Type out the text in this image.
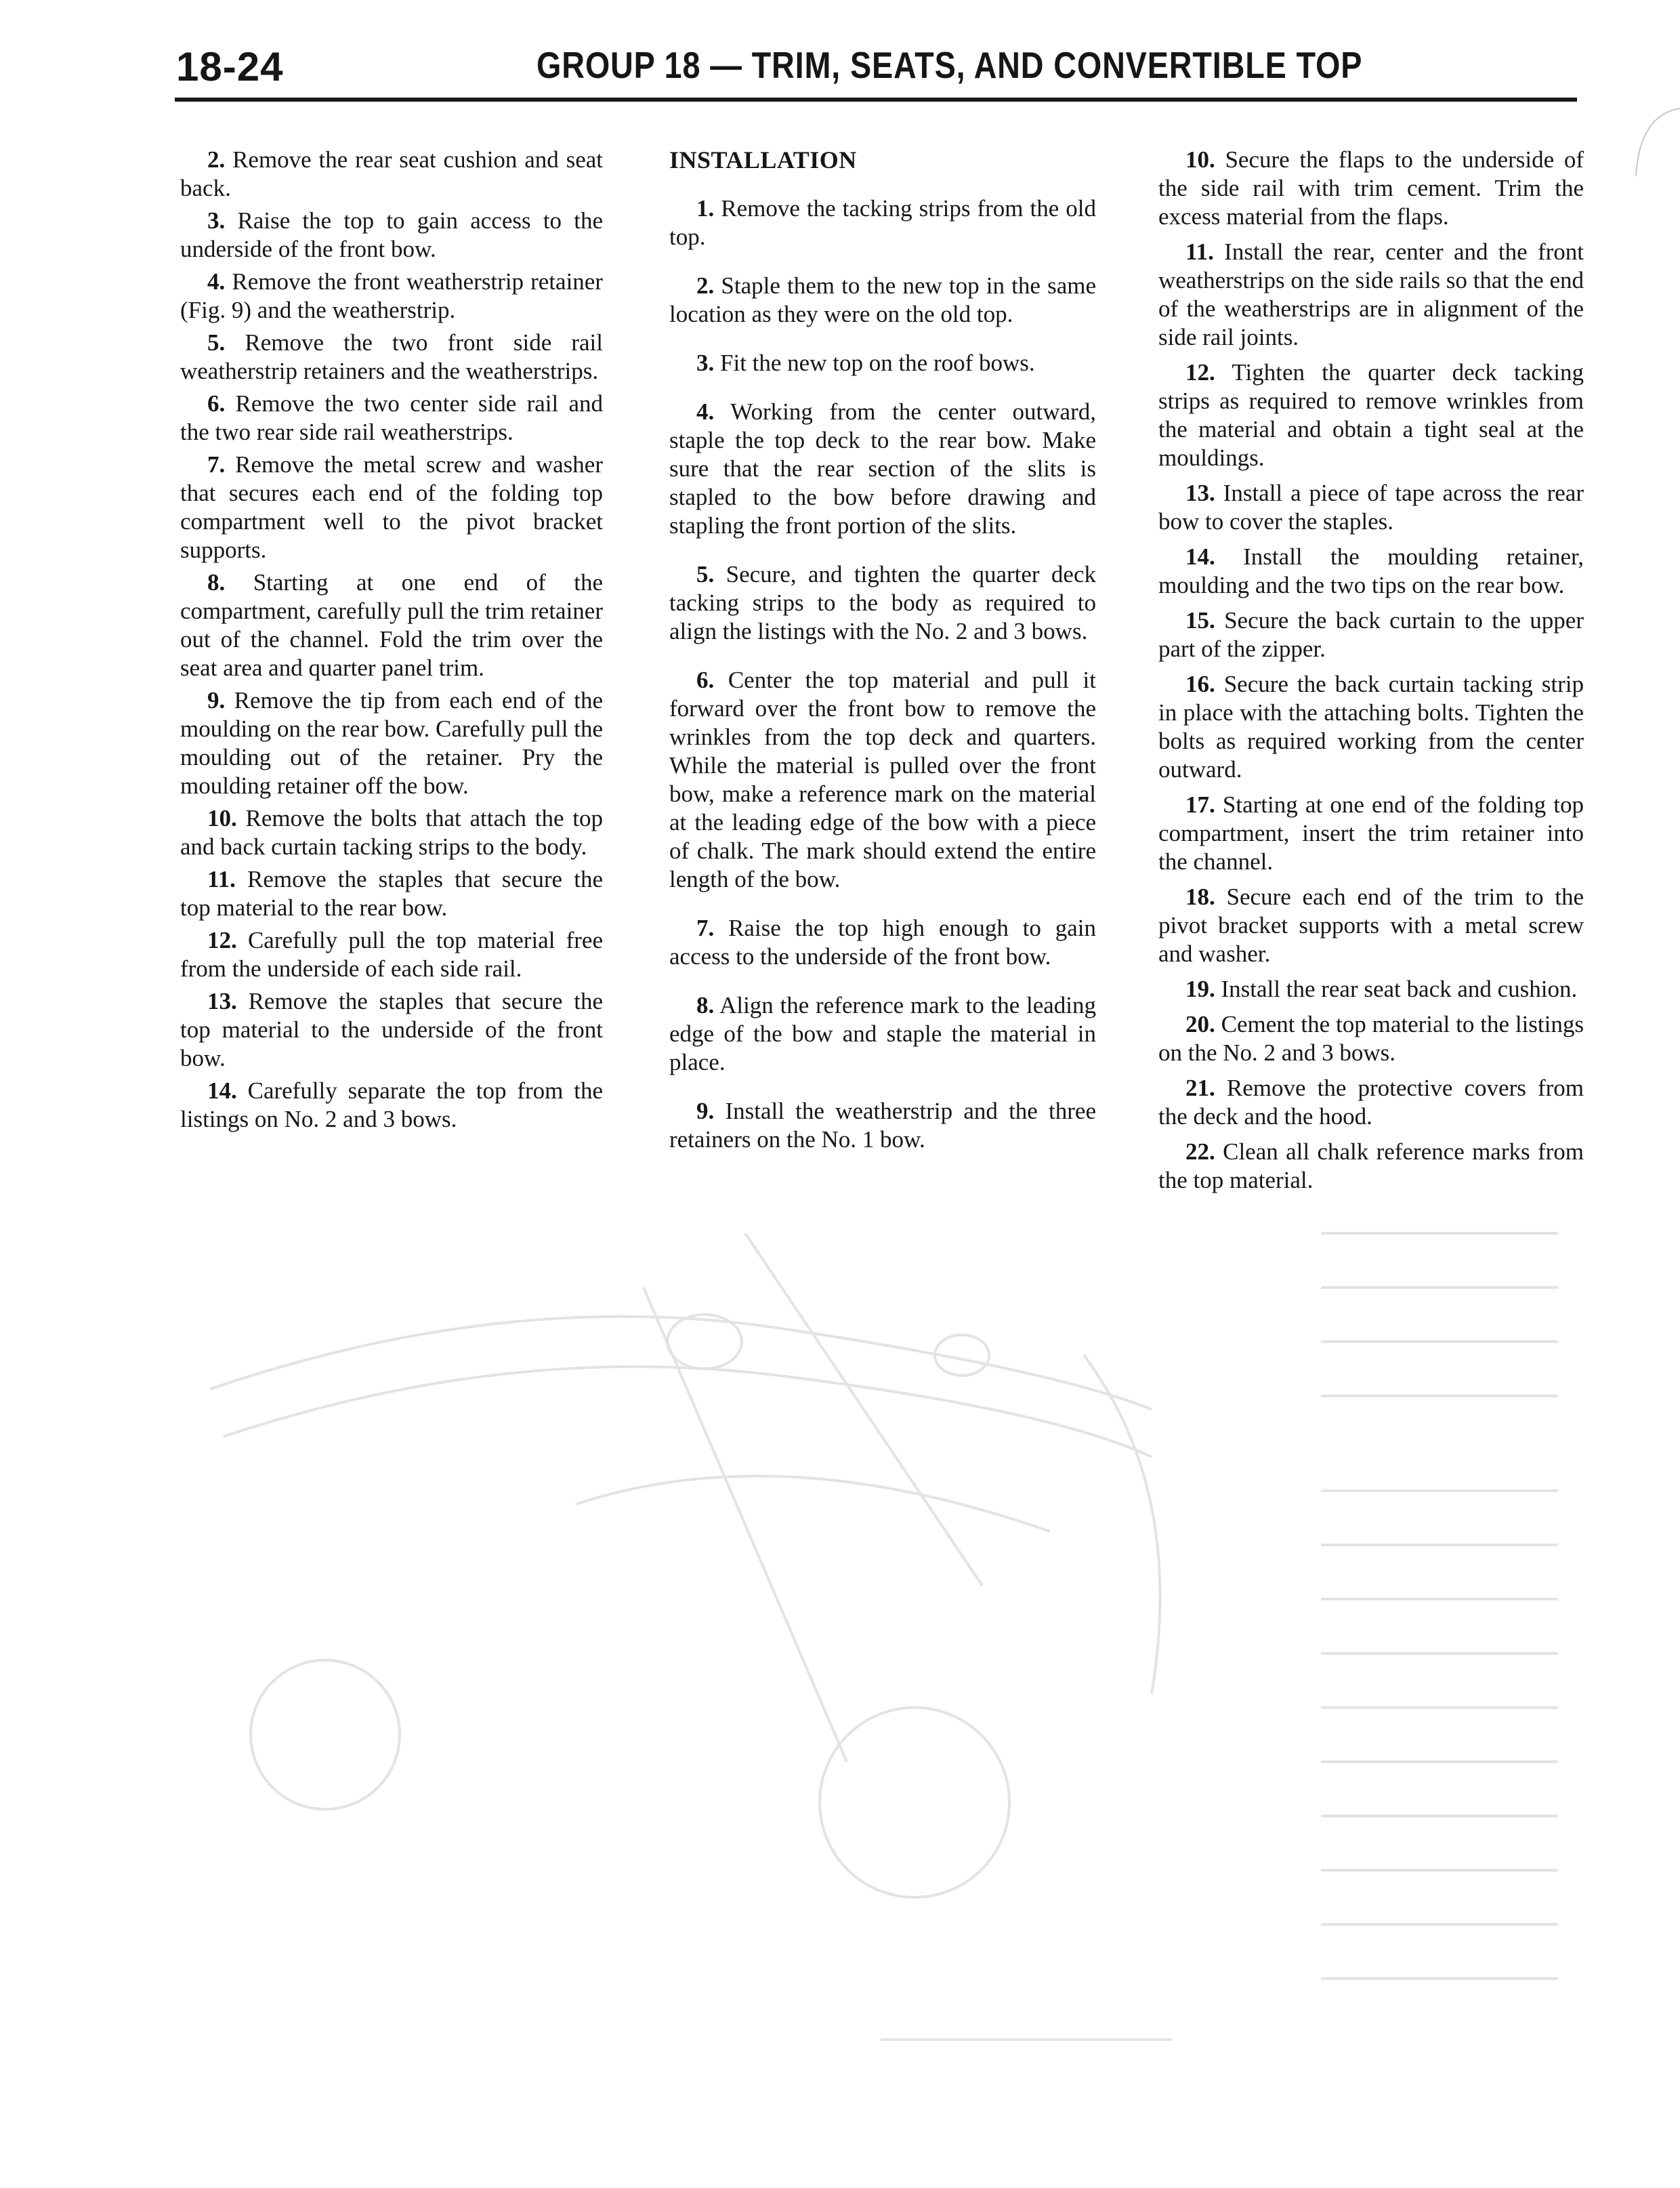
18-24	GROUP 18 — TRIM, SEATS, AND CONVERTIBLE TOP

2. Remove the rear seat cushion and seat back.

3. Raise the top to gain access to the underside of the front bow.

4. Remove the front weatherstrip retainer (Fig. 9) and the weatherstrip.

5. Remove the two front side rail weatherstrip retainers and the weatherstrips.

6. Remove the two center side rail and the two rear side rail weatherstrips.

7. Remove the metal screw and washer that secures each end of the folding top compartment well to the pivot bracket supports.

8. Starting at one end of the compartment, carefully pull the trim retainer out of the channel. Fold the trim over the seat area and quarter panel trim.

9. Remove the tip from each end of the moulding on the rear bow. Carefully pull the moulding out of the retainer. Pry the moulding retainer off the bow.

10. Remove the bolts that attach the top and back curtain tacking strips to the body.

11. Remove the staples that secure the top material to the rear bow.

12. Carefully pull the top material free from the underside of each side rail.

13. Remove the staples that secure the top material to the underside of the front bow.

14. Carefully separate the top from the listings on No. 2 and 3 bows.

INSTALLATION

1. Remove the tacking strips from the old top.

2. Staple them to the new top in the same location as they were on the old top.

3. Fit the new top on the roof bows.

4. Working from the center outward, staple the top deck to the rear bow. Make sure that the rear section of the slits is stapled to the bow before drawing and stapling the front portion of the slits.

5. Secure, and tighten the quarter deck tacking strips to the body as required to align the listings with the No. 2 and 3 bows.

6. Center the top material and pull it forward over the front bow to remove the wrinkles from the top deck and quarters. While the material is pulled over the front bow, make a reference mark on the material at the leading edge of the bow with a piece of chalk. The mark should extend the entire length of the bow.

7. Raise the top high enough to gain access to the underside of the front bow.

8. Align the reference mark to the leading edge of the bow and staple the material in place.

9. Install the weatherstrip and the three retainers on the No. 1 bow.

10. Secure the flaps to the underside of the side rail with trim cement. Trim the excess material from the flaps.

11. Install the rear, center and the front weatherstrips on the side rails so that the end of the weatherstrips are in alignment of the side rail joints.

12. Tighten the quarter deck tacking strips as required to remove wrinkles from the material and obtain a tight seal at the mouldings.

13. Install a piece of tape across the rear bow to cover the staples.

14. Install the moulding retainer, moulding and the two tips on the rear bow.

15. Secure the back curtain to the upper part of the zipper.

16. Secure the back curtain tacking strip in place with the attaching bolts. Tighten the bolts as required working from the center outward.

17. Starting at one end of the folding top compartment, insert the trim retainer into the channel.

18. Secure each end of the trim to the pivot bracket supports with a metal screw and washer.

19. Install the rear seat back and cushion.

20. Cement the top material to the listings on the No. 2 and 3 bows.

21. Remove the protective covers from the deck and the hood.

22. Clean all chalk reference marks from the top material.
